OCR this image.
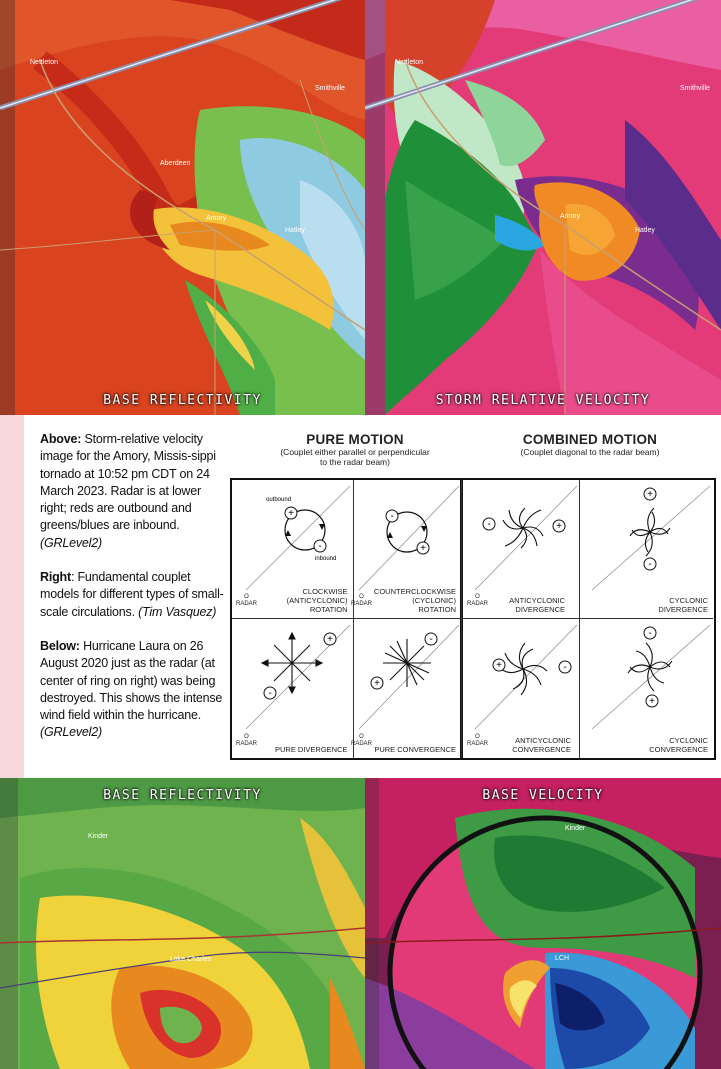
Nettleton
Amory
Smithville
Hatley
Aberdeen
BASE REFLECTIVITY
Nettleton
Amory
Smithville
Hatley
STORM RELATIVE VELOCITY

Above: Storm-relative velocity image for the Amory, Missis-sippi tornado at 10:52 pm CDT on 24 March 2023. Radar is at lower right; reds are outbound and greens/blues are inbound. (GRLevel2)

Right: Fundamental couplet models for different types of small-scale circulations. (Tim Vasquez)

Below: Hurricane Laura on 26 August 2020 just as the radar (at center of ring on right) was being destroyed. This shows the intense wind field within the hurricane. (GRLevel2)

PURE MOTION
(Couplet either parallel or perpendicular
to the radar beam)
COMBINED MOTION
(Couplet diagonal to the radar beam)
+
-
outbound
inbound
O
RADAR
CLOCKWISE
(ANTICYCLONIC)
ROTATION
-
+
O
RADAR
COUNTERCLOCKWISE
(CYCLONIC)
ROTATION
-	+
O
RADAR	ANTICYCLONIC
DIVERGENCE
+
-
CYCLONIC
DIVERGENCE
+
-
O
RADAR
PURE DIVERGENCE
-
+
O
RADAR
PURE CONVERGENCE
+	-
O
RADAR	ANTICYCLONIC
CONVERGENCE
-
+
CYCLONIC
CONVERGENCE
Kinder
Lake Charles
BASE REFLECTIVITY
LCH
Kinder
BASE VELOCITY
